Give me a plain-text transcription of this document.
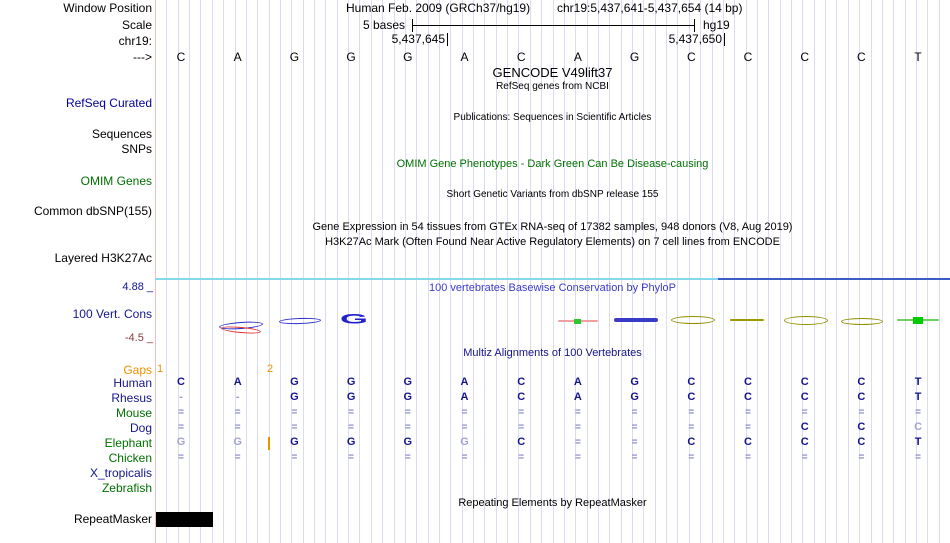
Human Feb. 2009 (GRCh37/hg19) chr19:5,437,641-5,437,654 (14 bp)
5 bases	hg19
5,437,645	5,437,650
Window Position
Scale
chr19:
--->
RefSeq Curated
Sequences
SNPs
OMIM Genes
Common dbSNP(155)
Layered H3K27Ac
4.88 _
100 Vert. Cons
-4.5 _
Gaps
RepeatMasker
C	A	G	G	G	A	C	A	G	C	C	C	C	T
GENCODE V49lift37
RefSeq genes from NCBI
Publications: Sequences in Scientific Articles
OMIM Gene Phenotypes - Dark Green Can Be Disease-causing
Short Genetic Variants from dbSNP release 155
Gene Expression in 54 tissues from GTEx RNA-seq of 17382 samples, 948 donors (V8, Aug 2019)
H3K27Ac Mark (Often Found Near Active Regulatory Elements) on 7 cell lines from ENCODE
100 vertebrates Basewise Conservation by PhyloP
Multiz Alignments of 100 Vertebrates
Repeating Elements by RepeatMasker
G
Human C	A	G	G	G	A	C	A	G	C	C	C	C	T
Rhesus -	-	G	G	G	A	C	A	G	C	C	C	C	T
Mouse	=	=	=	=	=	=	=	=	=	=	=	=	=	=
Dog	=	=	=	=	=	=	=	=	=	=	=	C	C	C
Elephant G	G	G	G	G	G	C	=	=	C	C	C	C	T
Chicken	=	=	=	=	=	=	=	=	=	=	=	=	=	=
X_tropicalis
Zebrafish
1	2
